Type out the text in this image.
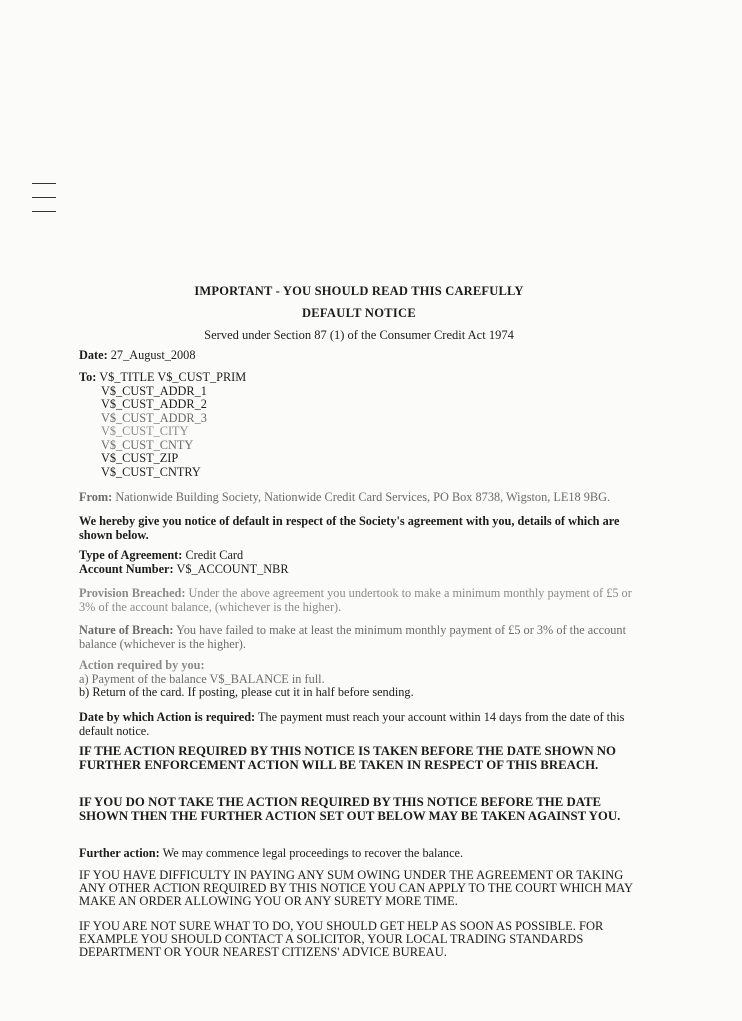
IMPORTANT - YOU SHOULD READ THIS CAREFULLY
DEFAULT NOTICE
Served under Section 87 (1) of the Consumer Credit Act 1974

Date: 27_August_2008

To: V$_TITLE V$_CUST_PRIM
V$_CUST_ADDR_1
V$_CUST_ADDR_2
V$_CUST_ADDR_3
V$_CUST_CITY
V$_CUST_CNTY
V$_CUST_ZIP
V$_CUST_CNTRY

From: Nationwide Building Society, Nationwide Credit Card Services, PO Box 8738, Wigston, LE18 9BG.

We hereby give you notice of default in respect of the Society's agreement with you, details of which are shown below.

Type of Agreement: Credit Card
Account Number: V$_ACCOUNT_NBR

Provision Breached: Under the above agreement you undertook to make a minimum monthly payment of £5 or 3% of the account balance, (whichever is the higher).

Nature of Breach: You have failed to make at least the minimum monthly payment of £5 or 3% of the account balance (whichever is the higher).

Action required by you:
a) Payment of the balance V$_BALANCE in full.
b) Return of the card. If posting, please cut it in half before sending.

Date by which Action is required: The payment must reach your account within 14 days from the date of this default notice.

IF THE ACTION REQUIRED BY THIS NOTICE IS TAKEN BEFORE THE DATE SHOWN NO FURTHER ENFORCEMENT ACTION WILL BE TAKEN IN RESPECT OF THIS BREACH.

IF YOU DO NOT TAKE THE ACTION REQUIRED BY THIS NOTICE BEFORE THE DATE SHOWN THEN THE FURTHER ACTION SET OUT BELOW MAY BE TAKEN AGAINST YOU.

Further action: We may commence legal proceedings to recover the balance.

IF YOU HAVE DIFFICULTY IN PAYING ANY SUM OWING UNDER THE AGREEMENT OR TAKING ANY OTHER ACTION REQUIRED BY THIS NOTICE YOU CAN APPLY TO THE COURT WHICH MAY MAKE AN ORDER ALLOWING YOU OR ANY SURETY MORE TIME.

IF YOU ARE NOT SURE WHAT TO DO, YOU SHOULD GET HELP AS SOON AS POSSIBLE. FOR EXAMPLE YOU SHOULD CONTACT A SOLICITOR, YOUR LOCAL TRADING STANDARDS DEPARTMENT OR YOUR NEAREST CITIZENS' ADVICE BUREAU.
